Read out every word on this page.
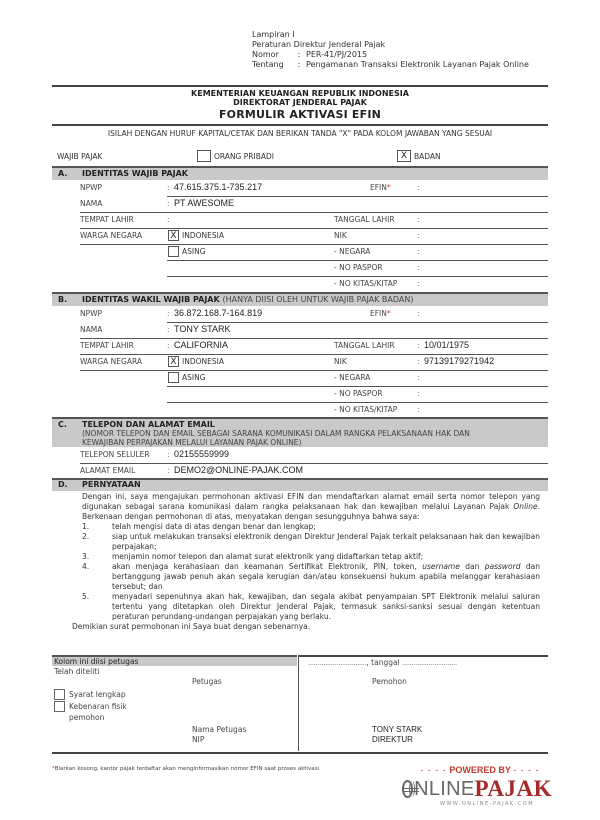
Lampiran I
Peraturan Direktur Jenderal Pajak
Nomor	: PER-41/PJ/2015
Tentang	: Pengamanan Transaksi Elektronik Layanan Pajak Online
KEMENTERIAN KEUANGAN REPUBLIK INDONESIA
DIREKTORAT JENDERAL PAJAK
FORMULIR AKTIVASI EFIN
ISILAH DENGAN HURUF KAPITAL/CETAK DAN BERIKAN TANDA "X" PADA KOLOM JAWABAN YANG SESUAI
WAJIB PAJAK	ORANG PRIBADI	X BADAN
A. IDENTITAS WAJIB PAJAK
NPWP	: 47.615.375.1-735.217	EFIN*	:
NAMA	: PT AWESOME
TEMPAT LAHIR	:	TANGGAL LAHIR	:
WARGA NEGARA	X INDONESIA	NIK	:
ASING	- NEGARA	:
- NO PASPOR	:
- NO KITAS/KITAP	:
B. IDENTITAS WAKIL WAJIB PAJAK (HANYA DIISI OLEH UNTUK WAJIB PAJAK BADAN)
NPWP	: 36.872.168.7-164.819	EFIN*	:
NAMA	: TONY STARK
TEMPAT LAHIR	: CALIFORNIA	TANGGAL LAHIR	: 10/01/1975
WARGA NEGARA	X INDONESIA	NIK	: 97139179271942
ASING	- NEGARA	:
- NO PASPOR	:
- NO KITAS/KITAP	:
C. TELEPON DAN ALAMAT EMAIL
(NOMOR TELEPON DAN EMAIL SEBAGAI SARANA KOMUNIKASI DALAM RANGKA PELAKSANAAN HAK DAN
KEWAJIBAN PERPAJAKAN MELALUI LAYANAN PAJAK ONLINE)
TELEPON SELULER : 02155559999
ALAMAT EMAIL	: DEMO2@ONLINE-PAJAK.COM
D. PERNYATAAN
Dengan ini, saya mengajukan permohonan aktivasi EFIN dan mendaftarkan alamat email serta nomor telepon yang digunakan sebagai sarana komunikasi dalam rangka pelaksanaan hak dan kewajiban melalui Layanan Pajak Online. Berkenaan dengan permohonan di atas, menyatakan dengan sesungguhnya bahwa saya:
1.	telah mengisi data di atas dengan benar dan lengkap;
2.	siap untuk melakukan transaksi elektronik dengan Direktur Jenderal Pajak terkait pelaksanaan hak dan kewajiban perpajakan;
3.	menjamin nomor telepon dan alamat surat elektronik yang didaftarkan tetap aktif;
4.	akan menjaga kerahasiaan dan keamanan Sertifikat Elektronik, PIN, token, username dan password dan bertanggung jawab penuh akan segala kerugian dan/atau konsekuensi hukum apabila melanggar kerahasiaan tersebut; dan
5.	menyadari sepenuhnya akan hak, kewajiban, dan segala akibat penyampaian SPT Elektronik melalui saluran tertentu yang ditetapkan oleh Direktur Jenderal Pajak, termasuk sanksi-sanksi sesuai dengan ketentuan peraturan perundang-undangan perpajakan yang berlaku.
Demikian surat permohonan ini Saya buat dengan sebenarnya.
Kolom ini diisi petugas
Telah diteliti
Petugas
Syarat lengkap
Kebenaran fisik
pemohon
Nama Petugas
NIP
..............................., tanggal .............................
Pemohon
TONY STARK
DIREKTUR
*Biarkan kosong, kantor pajak terdaftar akan menginformasikan nomor EFIN saat proses aktivasi.	- - - - POWERED BY - - - -
NLINE PAJAK
WWW.ONLINE-PAJAK.COM
